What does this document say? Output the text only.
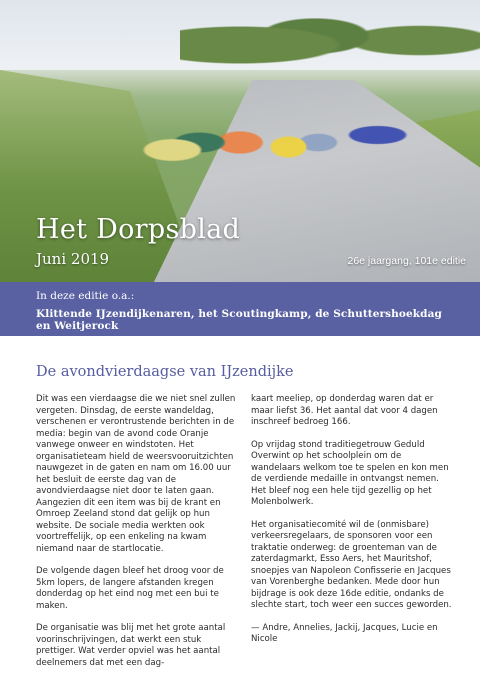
Het Dorpsblad
Juni 2019	26e jaargang, 101e editie
In deze editie o.a.:
Klittende IJzendijkenaren, het Scoutingkamp, de Schuttershoekdag en Weitjerock
De avondvierdaagse van IJzendijke

Dit was een vierdaagse die we niet snel zullen vergeten. Dinsdag, de eerste wandeldag, verschenen er verontrustende berichten in de media: begin van de avond code Oranje vanwege onweer en windstoten. Het organisatieteam hield de weersvooruitzichten nauwgezet in de gaten en nam om 16.00 uur het besluit de eerste dag van de avondvierdaagse niet door te laten gaan. Aangezien dit een item was bij de krant en Omroep Zeeland stond dat gelijk op hun website. De sociale media werkten ook voortreffelijk, op een enkeling na kwam niemand naar de startlocatie.

De volgende dagen bleef het droog voor de 5km lopers, de langere afstanden kregen donderdag op het eind nog met een bui te maken.

De organisatie was blij met het grote aantal voorinschrijvingen, dat werkt een stuk prettiger. Wat verder opviel was het aantal deelnemers dat met een dag-

kaart meeliep, op donderdag waren dat er maar liefst 36. Het aantal dat voor 4 dagen inschreef bedroeg 166.

Op vrijdag stond traditiegetrouw Geduld Overwint op het schoolplein om de wandelaars welkom toe te spelen en kon men de verdiende medaille in ontvangst nemen. Het bleef nog een hele tijd gezellig op het Molenbolwerk.

Het organisatiecomité wil de (onmisbare) verkeersregelaars, de sponsoren voor een traktatie onderweg: de groenteman van de zaterdagmarkt, Esso Aers, het Mauritshof, snoepjes van Napoleon Confisserie en Jacques van Vorenberghe bedanken. Mede door hun bijdrage is ook deze 16de editie, ondanks de slechte start, toch weer een succes geworden.

— Andre, Annelies, Jackij, Jacques, Lucie en Nicole
